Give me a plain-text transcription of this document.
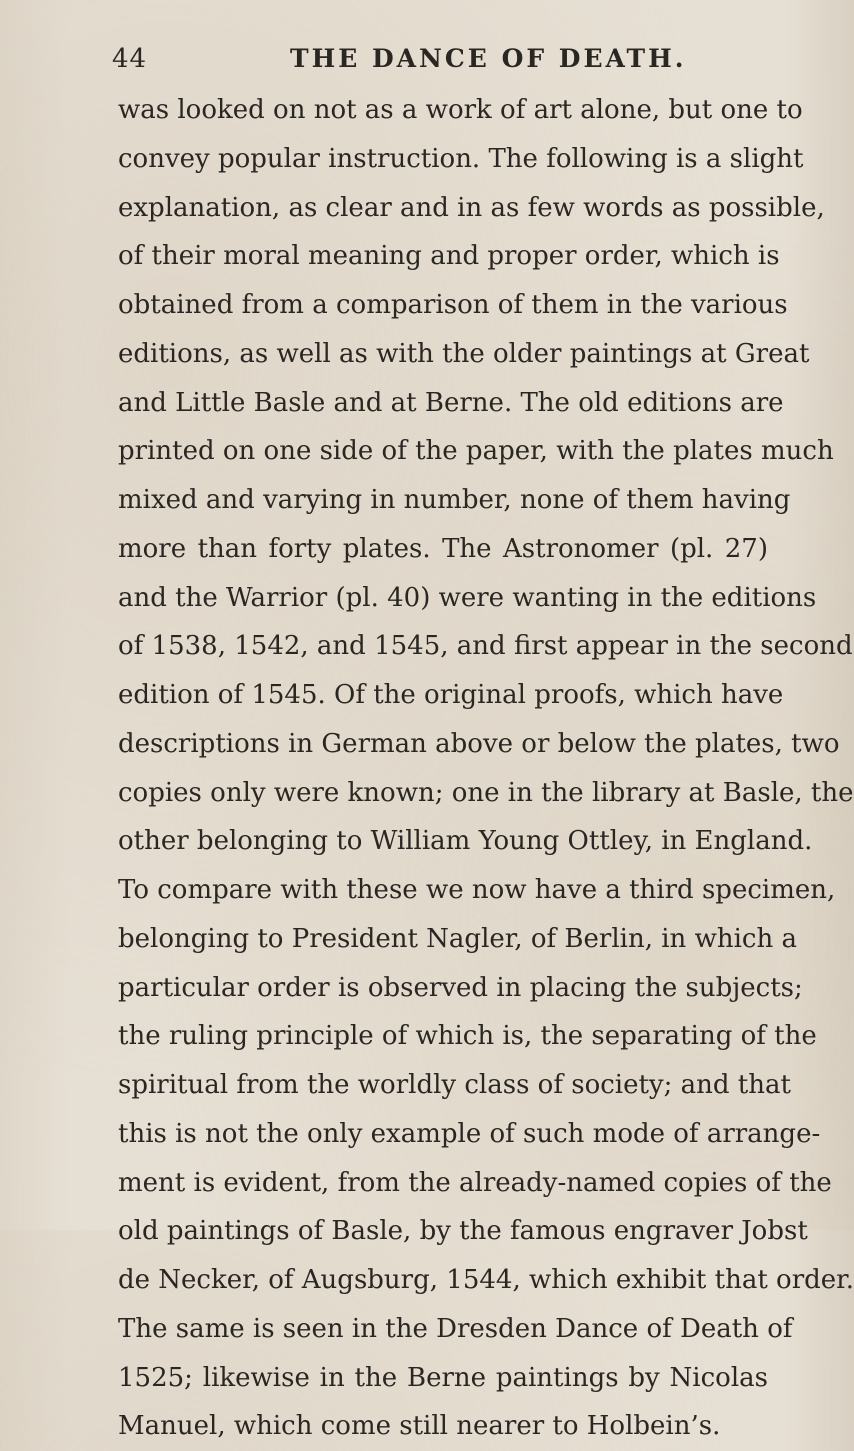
44	THE DANCE OF DEATH.
was looked on not as a work of art alone, but one to
convey popular instruction. The following is a slight
explanation, as clear and in as few words as possible,
of their moral meaning and proper order, which is
obtained from a comparison of them in the various
editions, as well as with the older paintings at Great
and Little Basle and at Berne. The old editions are
printed on one side of the paper, with the plates much
mixed and varying in number, none of them having
more than forty plates. The Astronomer (pl. 27)
and the Warrior (pl. 40) were wanting in the editions
of 1538, 1542, and 1545, and first appear in the second
edition of 1545. Of the original proofs, which have
descriptions in German above or below the plates, two
copies only were known; one in the library at Basle, the
other belonging to William Young Ottley, in England.
To compare with these we now have a third specimen,
belonging to President Nagler, of Berlin, in which a
particular order is observed in placing the subjects;
the ruling principle of which is, the separating of the
spiritual from the worldly class of society; and that
this is not the only example of such mode of arrange-
ment is evident, from the already-named copies of the
old paintings of Basle, by the famous engraver Jobst
de Necker, of Augsburg, 1544, which exhibit that order.
The same is seen in the Dresden Dance of Death of
1525; likewise in the Berne paintings by Nicolas
Manuel, which come still nearer to Holbein’s.
